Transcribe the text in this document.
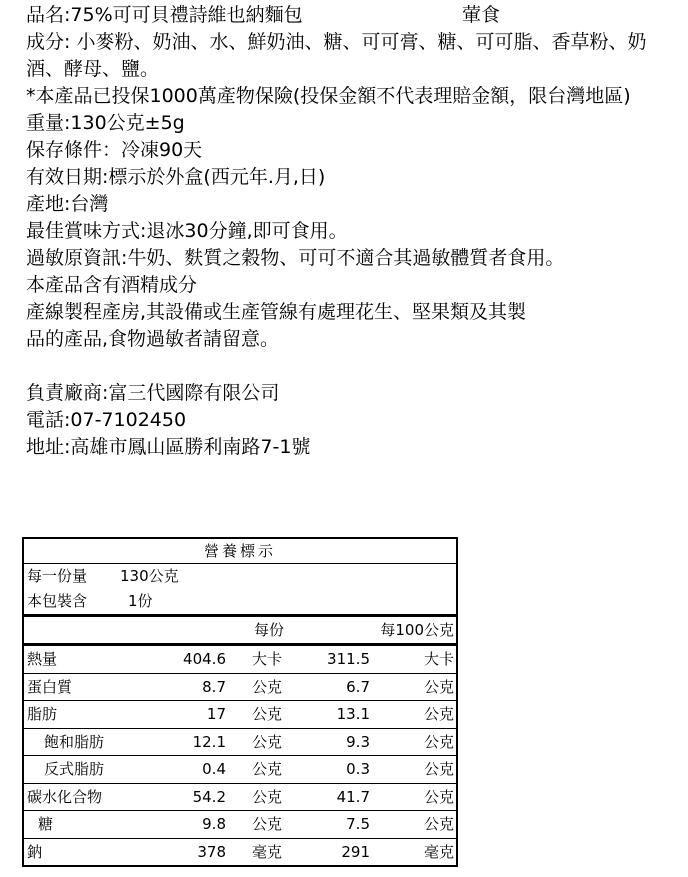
品名:75%可可貝禮詩維也納麵包	葷食
成分: 小麥粉、奶油、水、鮮奶油、糖、可可膏、糖、可可脂、香草粉、奶酒、酵母、鹽。
*本產品已投保1000萬產物保險(投保金額不代表理賠金額，限台灣地區)
重量:130公克±5g
保存條件：冷凍90天
有效日期:標示於外盒(西元年.月,日)
產地:台灣
最佳賞味方式:退冰30分鐘,即可食用。
過敏原資訊:牛奶、麩質之穀物、可可不適合其過敏體質者食用。
本產品含有酒精成分
產線製程產房,其設備或生產管線有處理花生、堅果類及其製
品的產品,食物過敏者請留意。
負責廠商:富三代國際有限公司
電話:07-7102450
地址:高雄市鳳山區勝利南路7-1號
營養標示
每一份量 130公克
本包裝含	1份
每份	每100公克
熱量	404.6 大卡	311.5	大卡
蛋白質	8.7 公克	6.7	公克
脂肪	17 公克	13.1	公克
飽和脂肪	12.1 公克	9.3	公克
反式脂肪	0.4 公克	0.3	公克
碳水化合物	54.2 公克	41.7	公克
糖	9.8 公克	7.5	公克
鈉	378 毫克	291	毫克
